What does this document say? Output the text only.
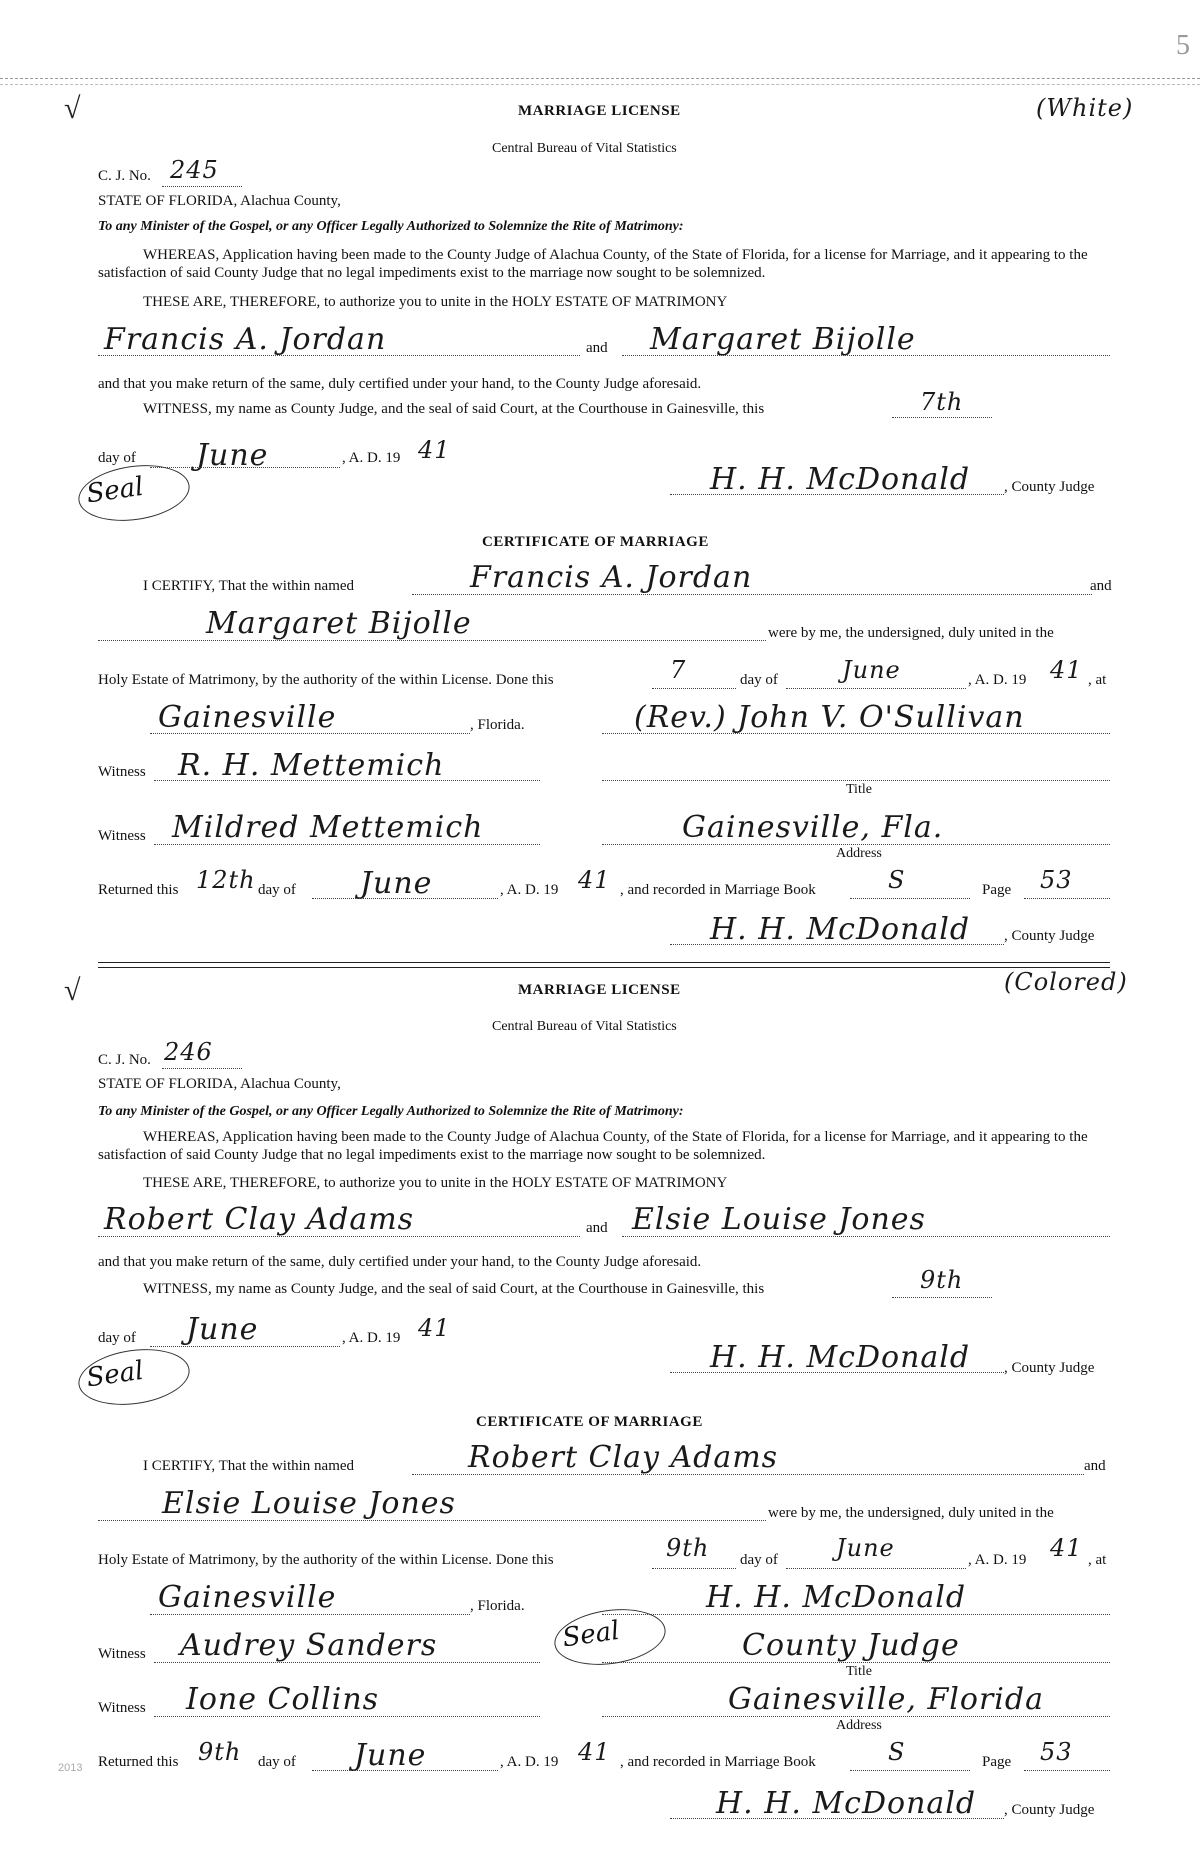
5
√	MARRIAGE LICENSE	(White)
Central Bureau of Vital Statistics
C. J. No. 245
STATE OF FLORIDA, Alachua County,
To any Minister of the Gospel, or any Officer Legally Authorized to Solemnize the Rite of Matrimony:
WHEREAS, Application having been made to the County Judge of Alachua County, of the State of Florida, for a license for Marriage, and it appearing to the satisfaction of said County Judge that no legal impediments exist to the marriage now sought to be solemnized.
THESE ARE, THEREFORE, to authorize you to unite in the HOLY ESTATE OF MATRIMONY
Francis A. Jordan	and Margaret Bijolle
and that you make return of the same, duly certified under your hand, to the County Judge aforesaid.
WITNESS, my name as County Judge, and the seal of said Court, at the Courthouse in Gainesville, this	7th
day of June	, A. D. 19 41
Seal	H. H. McDonald , County Judge
CERTIFICATE OF MARRIAGE
I CERTIFY, That the within named	Francis A. Jordan	and
Margaret Bijolle	were by me, the undersigned, duly united in the
Holy Estate of Matrimony, by the authority of the within License. Done this	7	day of	June	, A. D. 19 41 , at
Gainesville	, Florida.	(Rev.) John V. O'Sullivan
Witness R. H. Mettemich
Title
Witness Mildred Mettemich	Gainesville, Fla.
Address
Returned this 12th day of June	, A. D. 19 41 , and recorded in Marriage Book	S	Page 53
H. H. McDonald , County Judge
√	MARRIAGE LICENSE	(Colored)
Central Bureau of Vital Statistics
C. J. No. 246
STATE OF FLORIDA, Alachua County,
To any Minister of the Gospel, or any Officer Legally Authorized to Solemnize the Rite of Matrimony:
WHEREAS, Application having been made to the County Judge of Alachua County, of the State of Florida, for a license for Marriage, and it appearing to the satisfaction of said County Judge that no legal impediments exist to the marriage now sought to be solemnized.
THESE ARE, THEREFORE, to authorize you to unite in the HOLY ESTATE OF MATRIMONY
Robert Clay Adams	and Elsie Louise Jones
and that you make return of the same, duly certified under your hand, to the County Judge aforesaid.
WITNESS, my name as County Judge, and the seal of said Court, at the Courthouse in Gainesville, this	9th
day of June	, A. D. 19 41
Seal	H. H. McDonald , County Judge
CERTIFICATE OF MARRIAGE
I CERTIFY, That the within named	Robert Clay Adams	and
Elsie Louise Jones	were by me, the undersigned, duly united in the
Holy Estate of Matrimony, by the authority of the within License. Done this	9th day of June	, A. D. 19 41 , at
Gainesville	, Florida.	H. H. McDonald
Seal
Witness Audrey Sanders	County Judge
Title
Witness Ione Collins	Gainesville, Florida
Address
Returned this 9th day of June	, A. D. 19 41 , and recorded in Marriage Book	S	Page 53
H. H. McDonald , County Judge
2013
